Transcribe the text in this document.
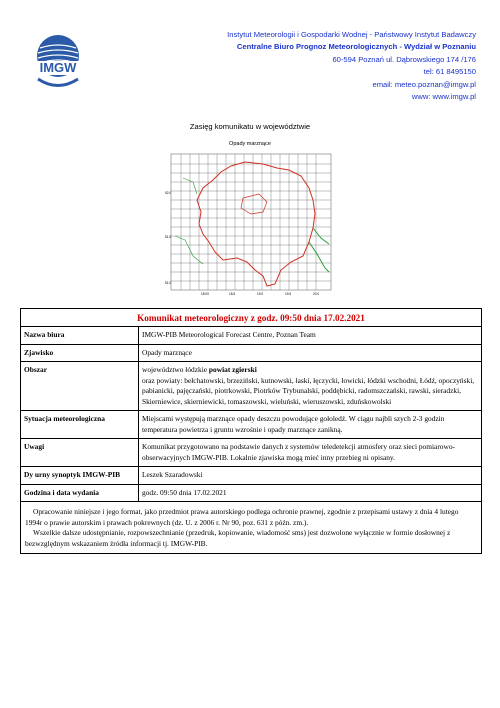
IMGW
Instytut Meteorologii i Gospodarki Wodnej - Państwowy Instytut Badawczy
Centralne Biuro Prognoz Meteorologicznych - Wydział w Poznaniu
60-594 Poznań ul. Dąbrowskiego 174 /176
tel: 61 8495150
email: meteo.poznan@imgw.pl
www: www.imgw.pl
Zasięg komunikatu w województwie
Opady marznące
52.0
51.5
51.0
18.00	18.5	19.0	19.5	20.0
Komunikat meteorologiczny z godz. 09:50 dnia 17.02.2021
Nazwa biura	IMGW-PIB Meteorological Forecast Centre, Poznan Team
Zjawisko	Opady marznące
Obszar	województwo łódzkie powiat zgierski
oraz powiaty: bełchatowski, brzeziński, kutnowski, łaski, łęczycki, łowicki, łódzki wschodni, Łódź, opoczyński, pabianicki, pajęczański, piotrkowski, Piotrków Trybunalski, poddębicki, radomszczański, rawski, sieradzki, Skierniewice, skierniewicki, tomaszowski, wieluński, wieruszowski, zduńskowolski
Sytuacja meteorologiczna	Miejscami występują marznące opady deszczu powodujące gołoledź. W ciągu najbli szych 2-3 godzin temperatura powietrza i gruntu wzrośnie i opady marznące zanikną.
Uwagi	Komunikat przygotowano na podstawie danych z systemów teledetekcji atmosfery oraz sieci pomiarowo-obserwacyjnych IMGW-PIB. Lokalnie zjawiska mogą mieć inny przebieg ni opisany.
Dy urny synoptyk IMGW-PIB	Leszek Szaradowski
Godzina i data wydania	godz. 09:50 dnia 17.02.2021
Opracowanie niniejsze i jego format, jako przedmiot prawa autorskiego podlega ochronie prawnej, zgodnie z przepisami ustawy z dnia 4 lutego 1994r o prawie autorskim i prawach pokrewnych (dz. U. z 2006 r. Nr 90, poz. 631 z późn. zm.).
Wszelkie dalsze udostępnianie, rozpowszechnianie (przedruk, kopiowanie, wiadomość sms) jest dozwolone wyłącznie w formie dosłownej z bezwzględnym wskazaniem źródła informacji tj. IMGW-PIB.
